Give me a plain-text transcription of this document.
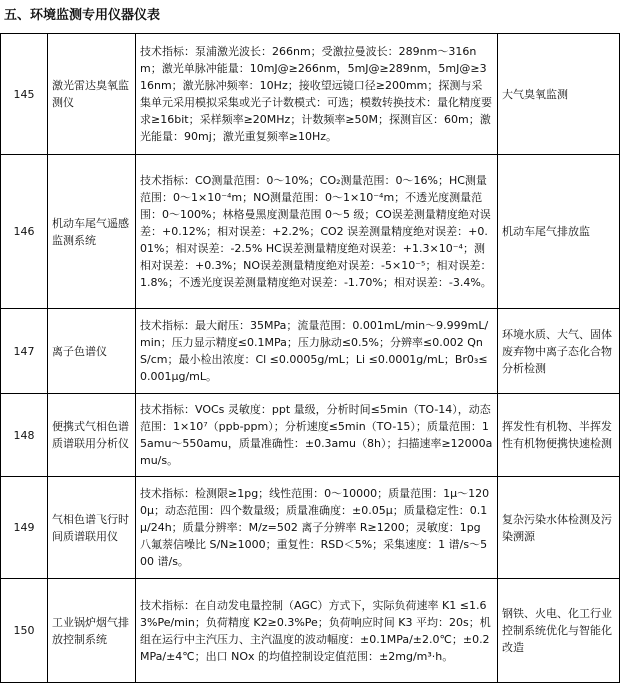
五、环境监测专用仪器仪表
145	激光雷达臭氧监测仪	技术指标：泵浦激光波长：266nm；受激拉曼波长：289nm～316nm；激光单脉冲能量：10mJ@≥266nm，5mJ@≥289nm，5mJ@≥316nm；激光脉冲频率：10Hz；接收望远镜口径≥200mm；探测与采集单元采用模拟采集或光子计数模式：可选；模数转换技术：量化精度要求≥16bit；采样频率≥20MHz；计数频率≥50M；探测盲区：60m；激光能量：90mj；激光重复频率≥10Hz。	大气臭氧监测
146	机动车尾气遥感监测系统	技术指标：CO测量范围：0～10%；CO₂测量范围：0～16%；HC测量范围：0～1×10⁻⁴m；NO测量范围：0～1×10⁻⁴m；不透光度测量范围：0～100%；林格曼黑度测量范围 0～5 级；CO误差测量精度绝对误差：+0.12%；相对误差：+2.2%；CO2 误差测量精度绝对误差：+0.01%；相对误差：-2.5% HC误差测量精度绝对误差：+1.3×10⁻⁴；测相对误差：+0.3%；NO误差测量精度绝对误差：-5×10⁻⁵；相对误差：1.8%；不透光度误差测量精度绝对误差：-1.70%；相对误差：-3.4%。	机动车尾气排放监
147	离子色谱仪	技术指标：最大耐压：35MPa；流量范围：0.001mL/min～9.999mL/min；压力显示精度≤0.1MPa；压力脉动≤0.5%；分辨率≤0.002 QnS/cm；最小检出浓度：Cl ≤0.0005g/mL；Li ≤0.0001g/mL；Br0₃≤0.001μg/mL。	环境水质、大气、固体废弃物中离子态化合物分析检测
148	便携式气相色谱质谱联用分析仪	技术指标：VOCs 灵敏度：ppt 量级，分析时间≤5min（TO-14），动态范围：1×10⁷（ppb-ppm）；分析速度≤5min（TO-15）；质量范围：15amu～550amu，质量准确性：±0.3amu（8h）；扫描速率≥12000amu/s。	挥发性有机物、半挥发性有机物便携快速检测
149	气相色谱飞行时间质谱联用仪	技术指标：检测限≥1pg；线性范围：0～10000；质量范围：1μ～1200μ；动态范围：四个数量级；质量准确度：±0.05μ；质量稳定性：0.1μ/24h；质量分辨率：M/z=502 离子分辨率 R≥1200；灵敏度：1pg 八氟萘信噪比 S/N≥1000；重复性：RSD＜5%；采集速度：1 谱/s～500 谱/s。	复杂污染水体检测及污染溯源
150	工业锅炉烟气排放控制系统	技术指标：在自动发电量控制（AGC）方式下，实际负荷速率 K1 ≤1.63%Pe/min；负荷精度 K2≥0.3%Pe；负荷响应时间 K3 平均：20s；机组在运行中主汽压力、主汽温度的波动幅度：±0.1MPa/±2.0℃；±0.2MPa/±4℃；出口 NOx 的均值控制设定值范围：±2mg/m³·h。	钢铁、火电、化工行业控制系统优化与智能化改造
